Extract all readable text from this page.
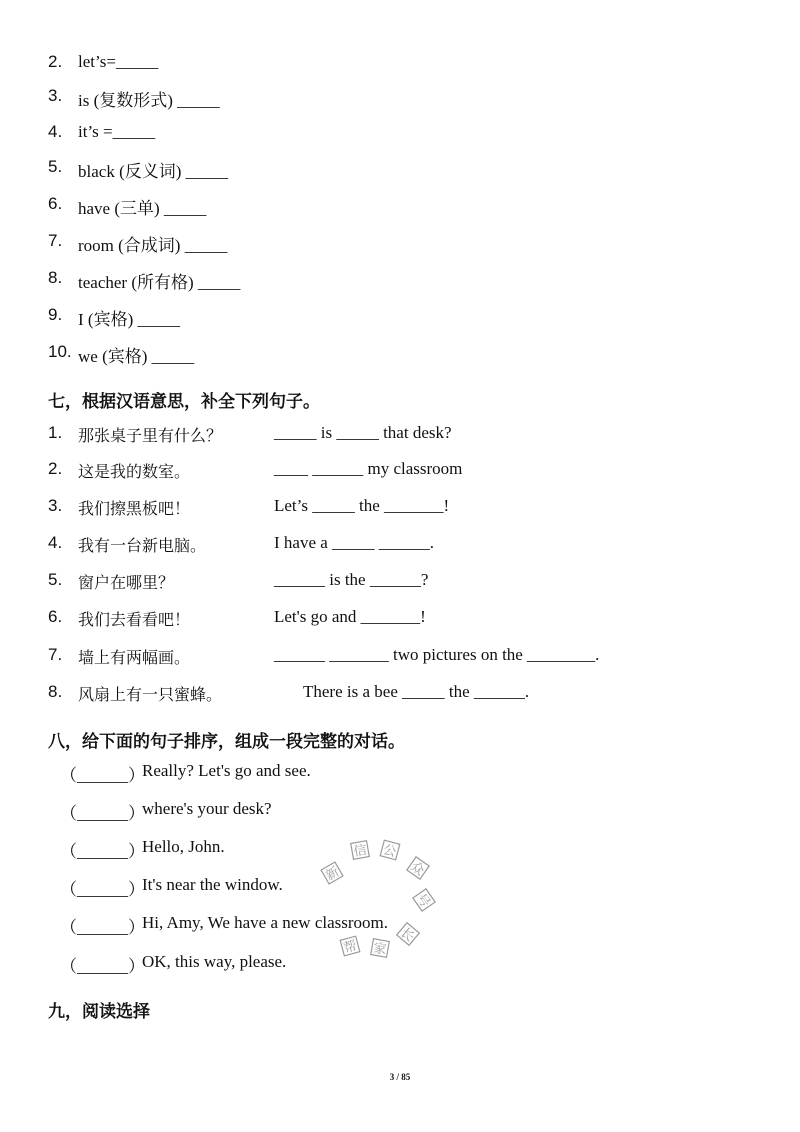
2. let’s=_____
3. is (复数形式) _____
4. it’s =_____
5. black (反义词) _____
6. have (三单) _____
7. room (合成词) _____
8. teacher (所有格) _____
9. I (宾格) _____
10. we (宾格) _____
七，根据汉语意思，补全下列句子。
1. 那张桌子里有什么？	_____ is _____ that desk?
2. 这是我的数室。	____ ______ my classroom
3. 我们擦黑板吧！	Let’s _____ the _______!
4. 我有一台新电脑。	I have a _____ ______.
5. 窗户在哪里？	______ is the ______?
6. 我们去看看吧！	Let's go and _______!
7. 墙上有两幅画。	______ _______ two pictures on the ________.
8. 风扇上有一只蜜蜂。	There is a bee _____ the ______.
八，给下面的句子排序，组成一段完整的对话。
（______）
Really? Let's go and see.
（______）
where's your desk?
（______）
Hello, John.
（______）
It's near the window.
（______）
Hi, Amy, We have a new classroom.
（______）
OK, this way, please.
新
信 公
众
号
长
家
帮
九，阅读选择
3 / 85
